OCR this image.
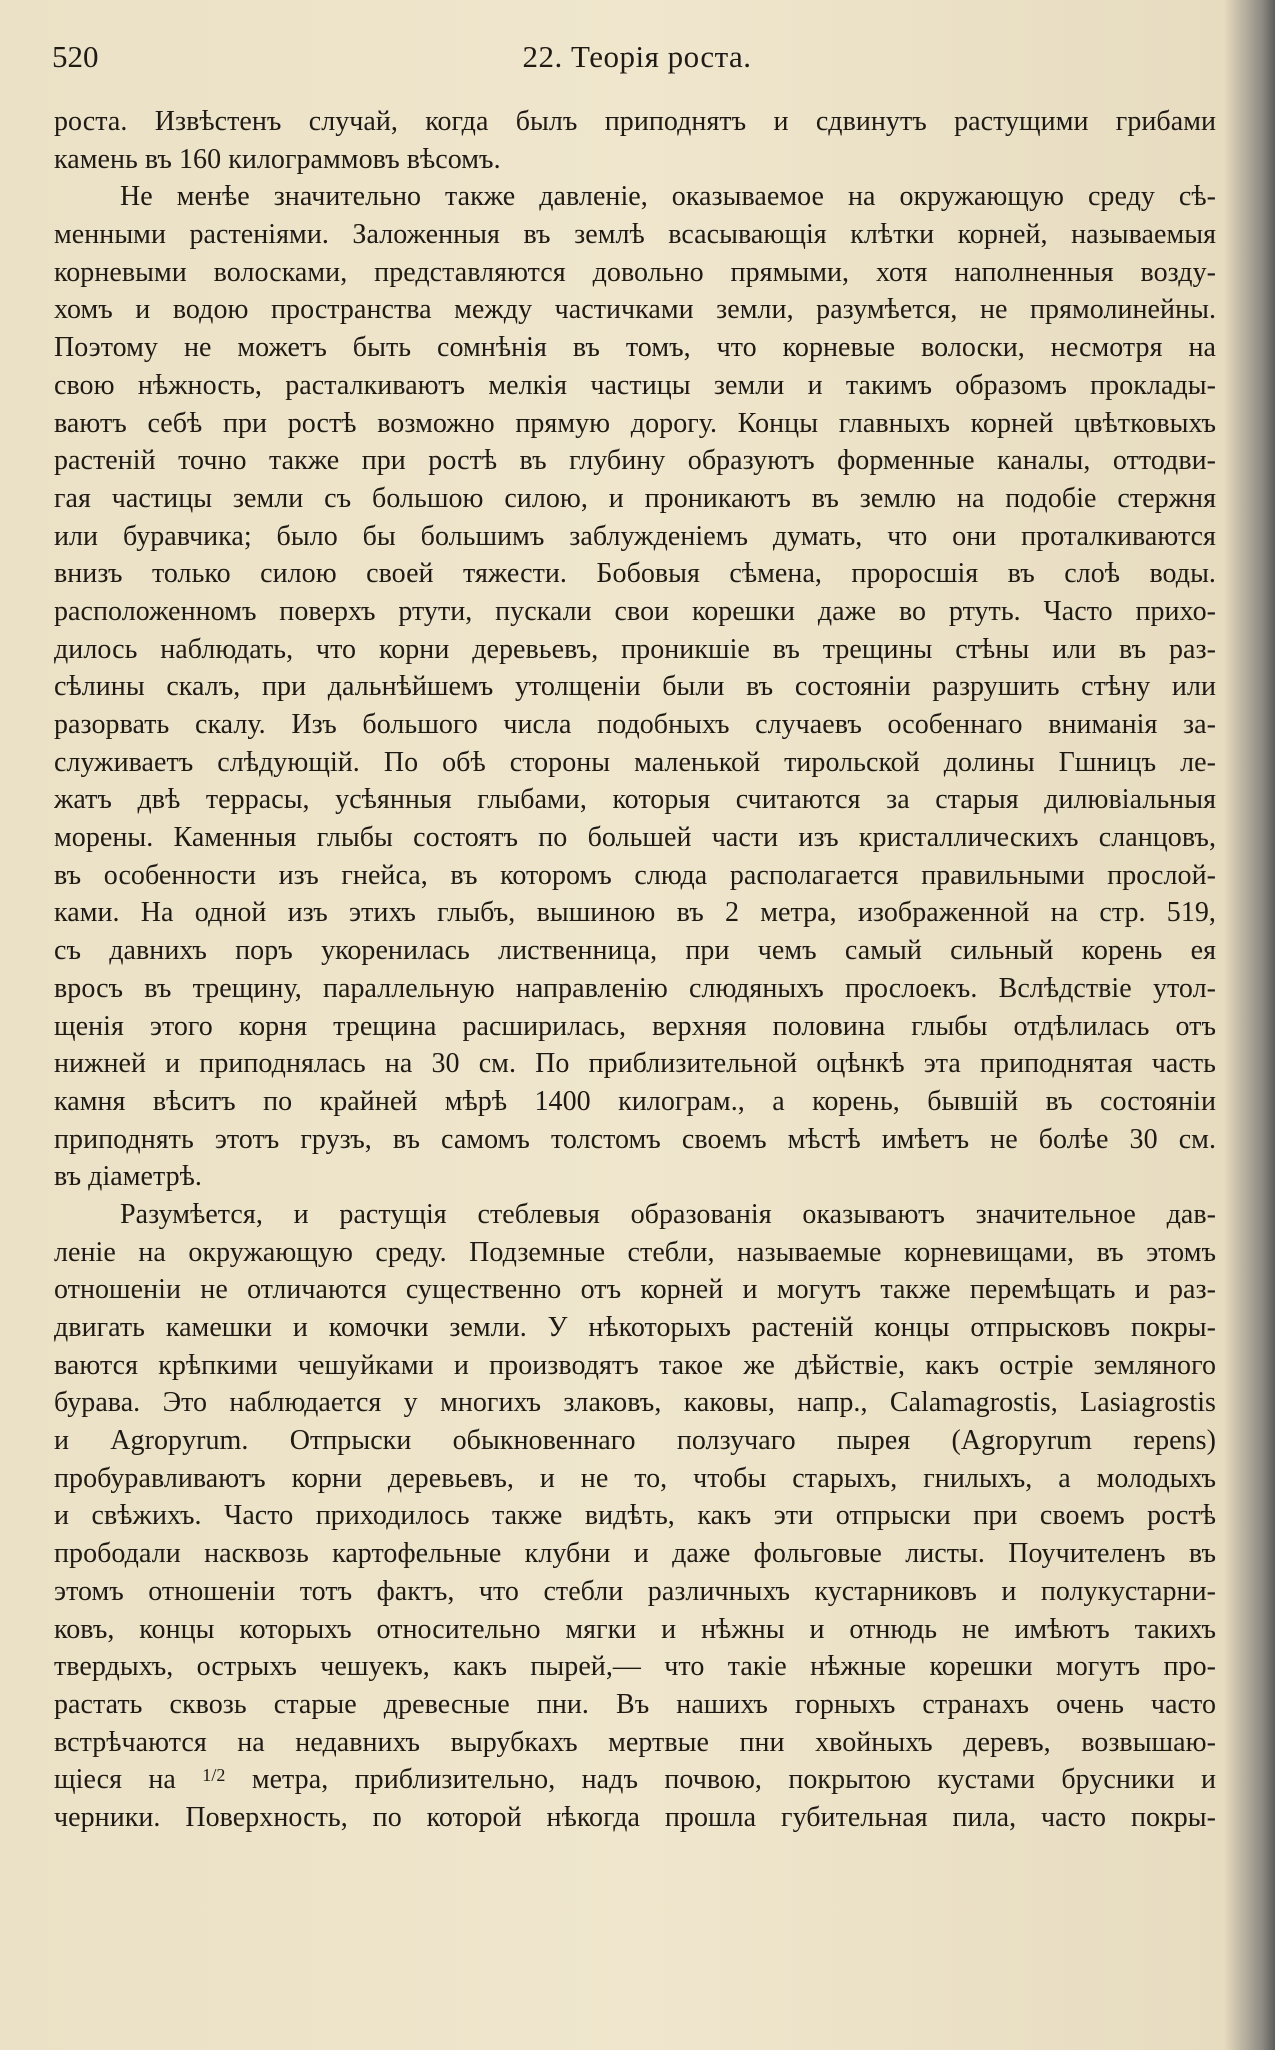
520	22. Теорія роста.
роста. Извѣстенъ случай, когда былъ приподнятъ и сдвинутъ растущими грибами
камень въ 160 килограммовъ вѣсомъ.
Не менѣе значительно также давленіе, оказываемое на окружающую среду сѣ-
менными растеніями. Заложенныя въ землѣ всасывающія клѣтки корней, называемыя
корневыми волосками, представляются довольно прямыми, хотя наполненныя возду-
хомъ и водою пространства между частичками земли, разумѣется, не прямолинейны.
Поэтому не можетъ быть сомнѣнія въ томъ, что корневые волоски, несмотря на
свою нѣжность, расталкиваютъ мелкія частицы земли и такимъ образомъ проклады-
ваютъ себѣ при ростѣ возможно прямую дорогу. Концы главныхъ корней цвѣтковыхъ
растеній точно также при ростѣ въ глубину образуютъ форменные каналы, оттодви-
гая частицы земли съ большою силою, и проникаютъ въ землю на подобіе стержня
или буравчика; было бы большимъ заблужденіемъ думать, что они проталкиваются
внизъ только силою своей тяжести. Бобовыя сѣмена, проросшія въ слоѣ воды.
расположенномъ поверхъ ртути, пускали свои корешки даже во ртуть. Часто прихо-
дилось наблюдать, что корни деревьевъ, проникшіе въ трещины стѣны или въ раз-
сѣлины скалъ, при дальнѣйшемъ утолщеніи были въ состояніи разрушить стѣну или
разорвать скалу. Изъ большого числа подобныхъ случаевъ особеннаго вниманія за-
служиваетъ слѣдующій. По обѣ стороны маленькой тирольской долины Гшницъ ле-
жатъ двѣ террасы, усѣянныя глыбами, которыя считаются за старыя дилювіальныя
морены. Каменныя глыбы состоятъ по большей части изъ кристаллическихъ сланцовъ,
въ особенности изъ гнейса, въ которомъ слюда располагается правильными прослой-
ками. На одной изъ этихъ глыбъ, вышиною въ 2 метра, изображенной на стр. 519,
съ давнихъ поръ укоренилась лиственница, при чемъ самый сильный корень ея
вросъ въ трещину, параллельную направленію слюдяныхъ прослоекъ. Вслѣдствіе утол-
щенія этого корня трещина расширилась, верхняя половина глыбы отдѣлилась отъ
нижней и приподнялась на 30 см. По приблизительной оцѣнкѣ эта приподнятая часть
камня вѣситъ по крайней мѣрѣ 1400 килограм., а корень, бывшій въ состояніи
приподнять этотъ грузъ, въ самомъ толстомъ своемъ мѣстѣ имѣетъ не болѣе 30 см.
въ діаметрѣ.
Разумѣется, и растущія стеблевыя образованія оказываютъ значительное дав-
леніе на окружающую среду. Подземные стебли, называемые корневищами, въ этомъ
отношеніи не отличаются существенно отъ корней и могутъ также перемѣщать и раз-
двигать камешки и комочки земли. У нѣкоторыхъ растеній концы отпрысковъ покры-
ваются крѣпкими чешуйками и производятъ такое же дѣйствіе, какъ остріе земляного
бурава. Это наблюдается у многихъ злаковъ, каковы, напр., Calamagrostis, Lasiagrostis
и Agropyrum. Отпрыски обыкновеннаго ползучаго пырея (Agropyrum repens)
пробуравливаютъ корни деревьевъ, и не то, чтобы старыхъ, гнилыхъ, а молодыхъ
и свѣжихъ. Часто приходилось также видѣть, какъ эти отпрыски при своемъ ростѣ
прободали насквозь картофельные клубни и даже фольговые листы. Поучителенъ въ
этомъ отношеніи тотъ фактъ, что стебли различныхъ кустарниковъ и полукустарни-
ковъ, концы которыхъ относительно мягки и нѣжны и отнюдь не имѣютъ такихъ
твердыхъ, острыхъ чешуекъ, какъ пырей,— что такіе нѣжные корешки могутъ про-
растать сквозь старые древесные пни. Въ нашихъ горныхъ странахъ очень часто
встрѣчаются на недавнихъ вырубкахъ мертвые пни хвойныхъ деревъ, возвышаю-
щіеся на $^{1/2}$ метра, приблизительно, надъ почвою, покрытою кустами брусники и
черники. Поверхность, по которой нѣкогда прошла губительная пила, часто покры-
